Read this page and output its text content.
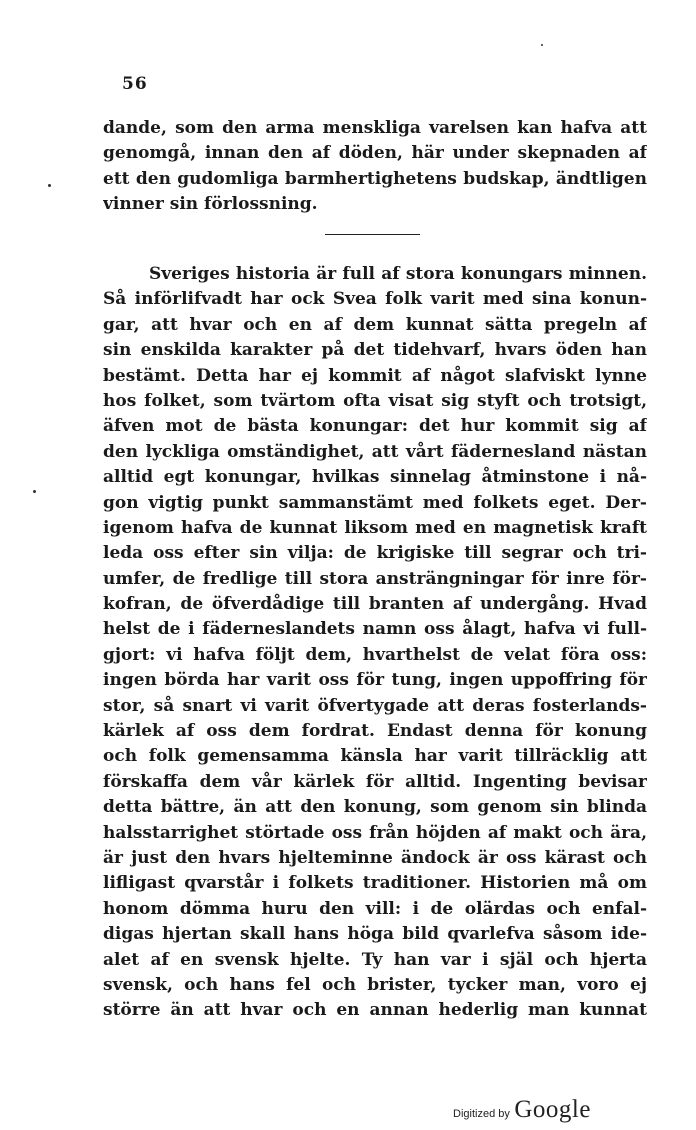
56
dande, som den arma menskliga varelsen kan hafva att
genomgå, innan den af döden, här under skepnaden af
ett den gudomliga barmhertighetens budskap, ändtligen
vinner sin förlossning.
Sveriges historia är full af stora konungars minnen.
Så införlifvadt har ock Svea folk varit med sina konun-
gar, att hvar och en af dem kunnat sätta pregeln af
sin enskilda karakter på det tidehvarf, hvars öden han
bestämt. Detta har ej kommit af något slafviskt lynne
hos folket, som tvärtom ofta visat sig styft och trotsigt,
äfven mot de bästa konungar: det hur kommit sig af
den lyckliga omständighet, att vårt fädernesland nästan
alltid egt konungar, hvilkas sinnelag åtminstone i nå-
gon vigtig punkt sammanstämt med folkets eget. Der-
igenom hafva de kunnat liksom med en magnetisk kraft
leda oss efter sin vilja: de krigiske till segrar och tri-
umfer, de fredlige till stora ansträngningar för inre för-
kofran, de öfverdådige till branten af undergång. Hvad
helst de i fäderneslandets namn oss ålagt, hafva vi full-
gjort: vi hafva följt dem, hvarthelst de velat föra oss:
ingen börda har varit oss för tung, ingen uppoffring för
stor, så snart vi varit öfvertygade att deras fosterlands-
kärlek af oss dem fordrat. Endast denna för konung
och folk gemensamma känsla har varit tillräcklig att
förskaffa dem vår kärlek för alltid. Ingenting bevisar
detta bättre, än att den konung, som genom sin blinda
halsstarrighet störtade oss från höjden af makt och ära,
är just den hvars hjelteminne ändock är oss kärast och
lifligast qvarstår i folkets traditioner. Historien må om
honom dömma huru den vill: i de olärdas och enfal-
digas hjertan skall hans höga bild qvarlefva såsom ide-
alet af en svensk hjelte. Ty han var i själ och hjerta
svensk, och hans fel och brister, tycker man, voro ej
större än att hvar och en annan hederlig man kunnat
Digitized by Google
